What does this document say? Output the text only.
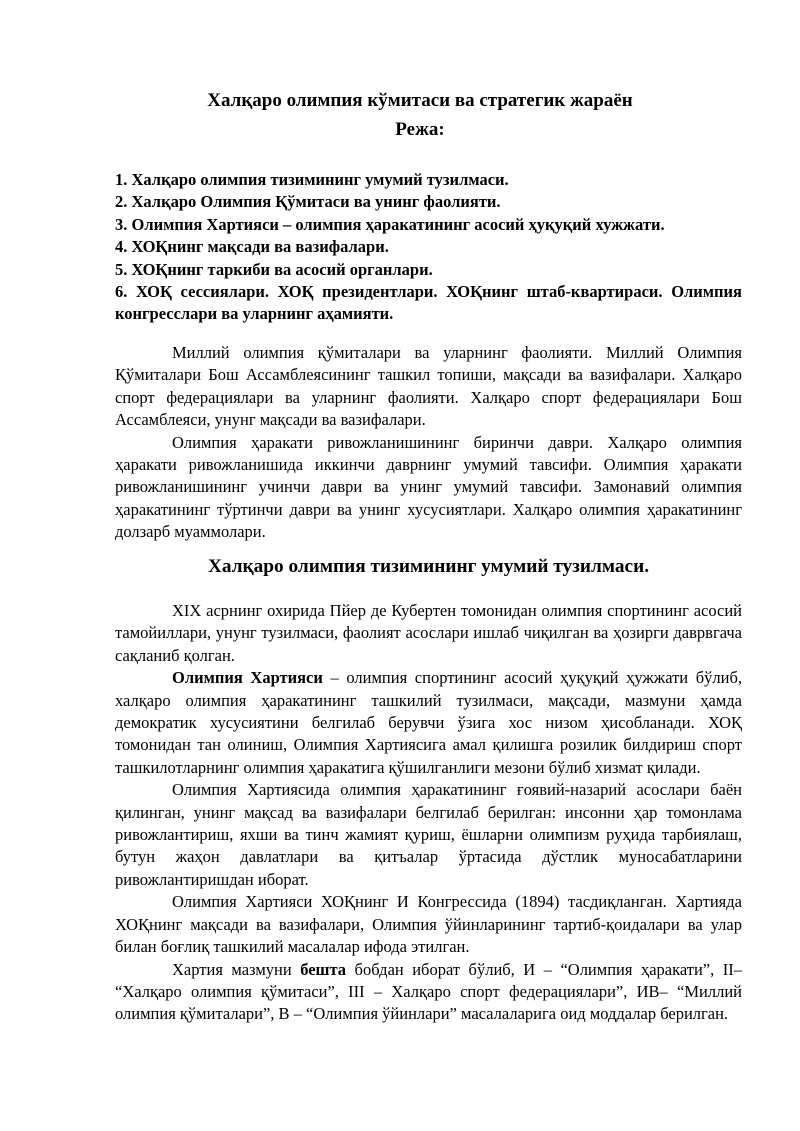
Халқаро олимпия кўмитаси ва стратегик жараён
Режа:
1. Халқаро олимпия тизимининг умумий тузилмаси.
2. Халқаро Олимпия Қўмитаси ва унинг фаолияти.
3. Олимпия Хартияси – олимпия ҳаракатининг асосий ҳуқуқий хужжати.
4. ХОҚнинг мақсади ва вазифалари.
5. ХОҚнинг таркиби ва асосий органлари.
6. ХОҚ сессиялари. ХОҚ президентлари. ХОҚнинг штаб-квартираси. Олимпия конгресслари ва уларнинг аҳамияти.

Миллий олимпия қўмиталари ва уларнинг фаолияти. Миллий Олимпия Қўмиталари Бош Ассамблеясининг ташкил топиши, мақсади ва вазифалари. Халқаро спорт федерациялари ва уларнинг фаолияти. Халқаро спорт федерациялари Бош Ассамблеяси, унунг мақсади ва вазифалари.

Олимпия ҳаракати ривожланишининг биринчи даври. Халқаро олимпия ҳаракати ривожланишида иккинчи даврнинг умумий тавсифи. Олимпия ҳаракати ривожланишининг учинчи даври ва унинг умумий тавсифи. Замонавий олимпия ҳаракатининг тўртинчи даври ва унинг хусусиятлари. Халқаро олимпия ҳаракатининг долзарб муаммолари.

Халқаро олимпия тизимининг умумий тузилмаси.

XIX асрнинг охирида Пйер де Кубертен томонидан олимпия спортининг асосий тамойиллари, унунг тузилмаси, фаолият асослари ишлаб чиқилган ва ҳозирги даврвгача сақланиб қолган.

Олимпия Хартияси – олимпия спортининг асосий ҳуқуқий ҳужжати бўлиб, халқаро олимпия ҳаракатининг ташкилий тузилмаси, мақсади, мазмуни ҳамда демократик хусусиятини белгилаб берувчи ўзига хос низом ҳисобланади. ХОҚ томонидан тан олиниш, Олимпия Хартиясига амал қилишга розилик билдириш спорт ташкилотларнинг олимпия ҳаракатига қўшилганлиги мезони бўлиб хизмат қилади.

Олимпия Хартиясида олимпия ҳаракатининг ғоявий-назарий асослари баён қилинган, унинг мақсад ва вазифалари белгилаб берилган: инсонни ҳар томонлама ривожлантириш, яхши ва тинч жамият қуриш, ёшларни олимпизм руҳида тарбиялаш, бутун жаҳон давлатлари ва қитъалар ўртасида дўстлик муносабатларини ривожлантиришдан иборат.

Олимпия Хартияси ХОҚнинг И Конгрессида (1894) тасдиқланган. Хартияда ХОҚнинг мақсади ва вазифалари, Олимпия ўйинларининг тартиб-қоидалари ва улар билан боғлиқ ташкилий масалалар ифода этилган.

Хартия мазмуни бешта бобдан иборат бўлиб, И – “Олимпия ҳаракати”, II– “Халқаро олимпия қўмитаси”, III – Халқаро спорт федерациялари”, ИВ– “Миллий олимпия қўмиталари”, В – “Олимпия ўйинлари” масалаларига оид моддалар берилган.
